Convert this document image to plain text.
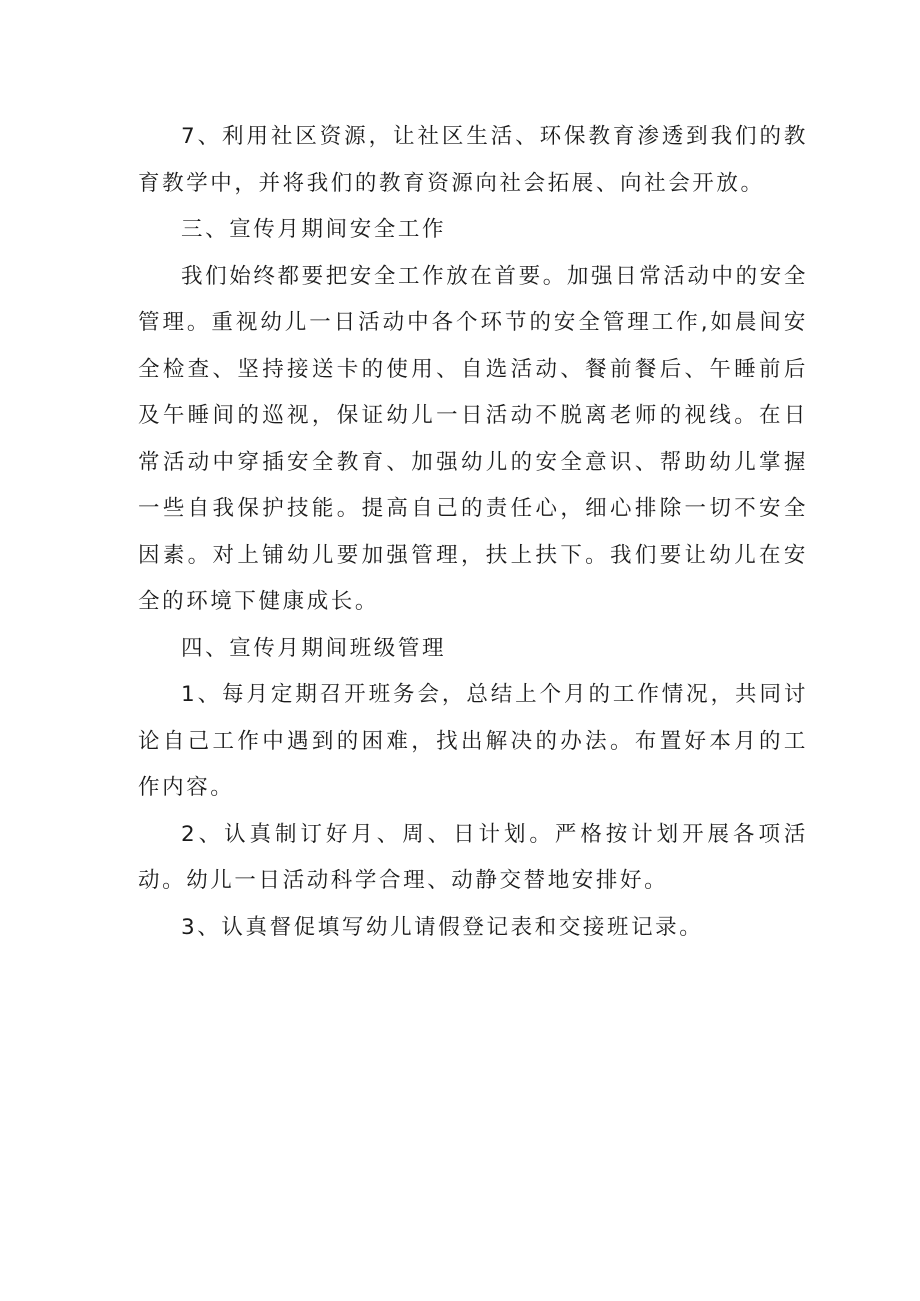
7、利用社区资源，让社区生活、环保教育渗透到我们的教育教学中，并将我们的教育资源向社会拓展、向社会开放。

三、宣传月期间安全工作

我们始终都要把安全工作放在首要。加强日常活动中的安全管理。重视幼儿一日活动中各个环节的安全管理工作,如晨间安全检查、坚持接送卡的使用、自选活动、餐前餐后、午睡前后及午睡间的巡视，保证幼儿一日活动不脱离老师的视线。在日常活动中穿插安全教育、加强幼儿的安全意识、帮助幼儿掌握一些自我保护技能。提高自己的责任心，细心排除一切不安全因素。对上铺幼儿要加强管理，扶上扶下。我们要让幼儿在安全的环境下健康成长。

四、宣传月期间班级管理

1、每月定期召开班务会，总结上个月的工作情况，共同讨论自己工作中遇到的困难，找出解决的办法。布置好本月的工作内容。

2、认真制订好月、周、日计划。严格按计划开展各项活动。幼儿一日活动科学合理、动静交替地安排好。

3、认真督促填写幼儿请假登记表和交接班记录。
